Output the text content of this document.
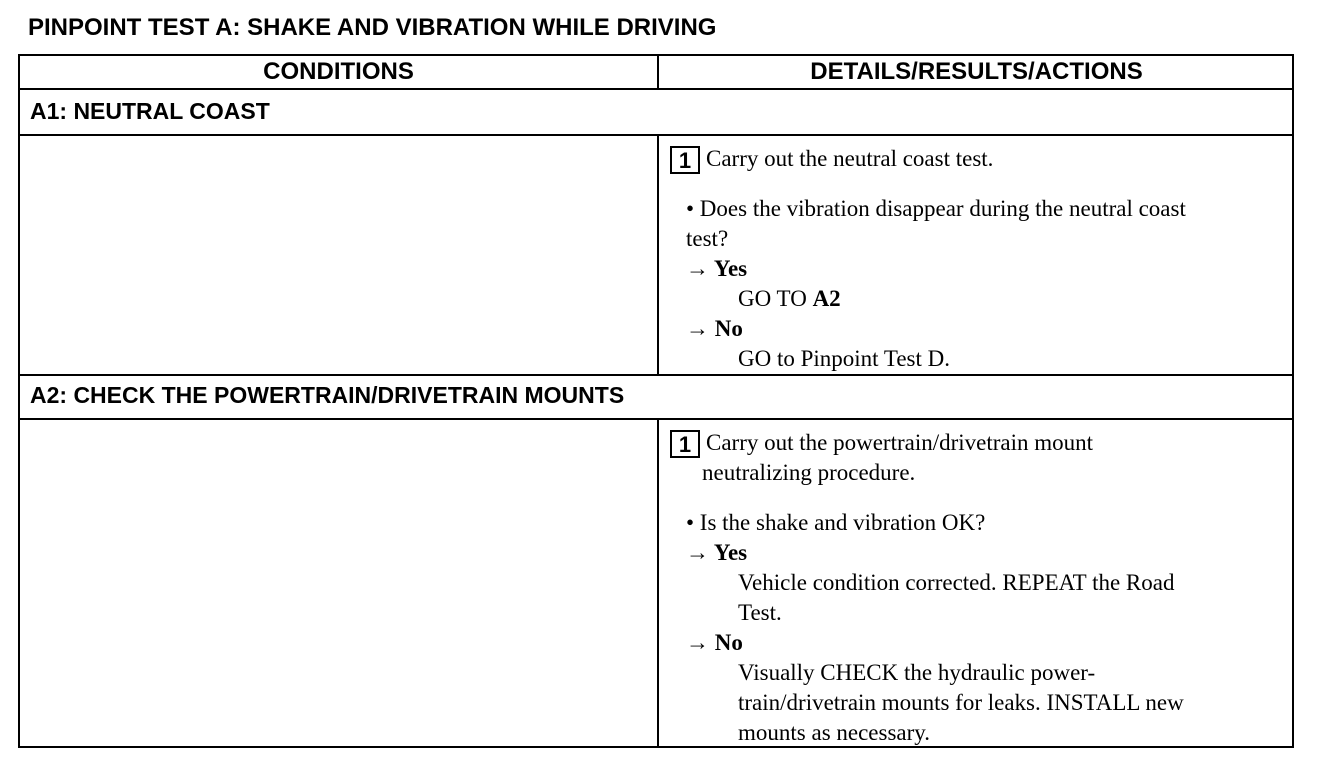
PINPOINT TEST A: SHAKE AND VIBRATION WHILE DRIVING
CONDITIONS	DETAILS/RESULTS/ACTIONS
A1: NEUTRAL COAST
1 Carry out the neutral coast test.
• Does the vibration disappear during the neutral coast
test?
→ Yes
GO TO A2
→ No
GO to Pinpoint Test D.
A2: CHECK THE POWERTRAIN/DRIVETRAIN MOUNTS
1 Carry out the powertrain/drivetrain mount
neutralizing procedure.
• Is the shake and vibration OK?
→ Yes
Vehicle condition corrected. REPEAT the Road
Test.
→ No
Visually CHECK the hydraulic power-
train/drivetrain mounts for leaks. INSTALL new
mounts as necessary.
